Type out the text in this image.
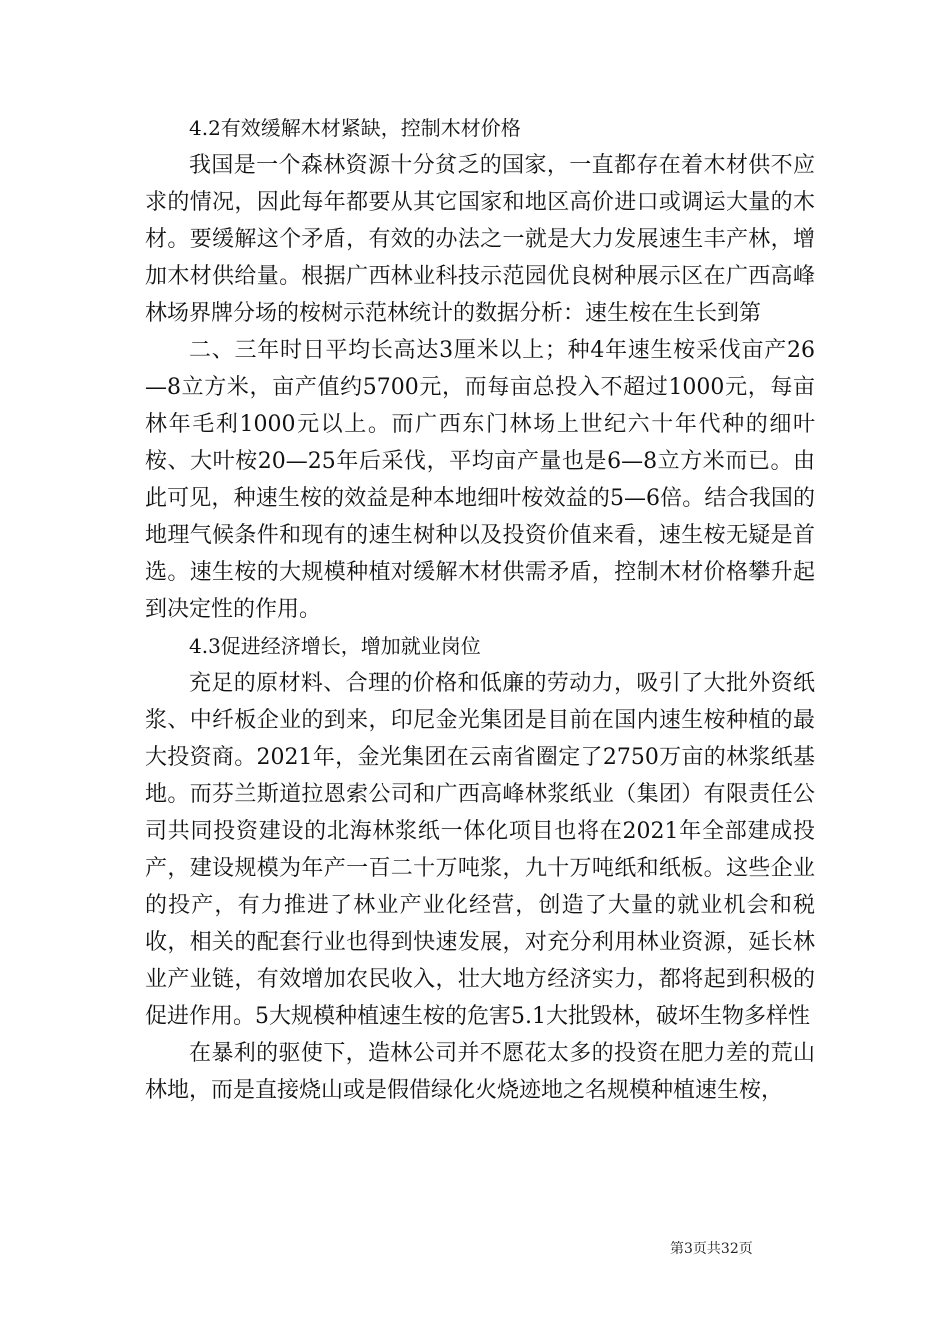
4.2有效缓解木材紧缺，控制木材价格

我国是一个森林资源十分贫乏的国家，一直都存在着木材供不应求的情况，因此每年都要从其它国家和地区高价进口或调运大量的木材。要缓解这个矛盾，有效的办法之一就是大力发展速生丰产林，增加木材供给量。根据广西林业科技示范园优良树种展示区在广西高峰林场界牌分场的桉树示范林统计的数据分析：速生桉在生长到第

二、三年时日平均长高达3厘米以上；种4年速生桉采伐亩产26—8立方米，亩产值约5700元，而每亩总投入不超过1000元，每亩林年毛利1000元以上。而广西东门林场上世纪六十年代种的细叶桉、大叶桉20—25年后采伐，平均亩产量也是6—8立方米而已。由此可见，种速生桉的效益是种本地细叶桉效益的5—6倍。结合我国的地理气候条件和现有的速生树种以及投资价值来看，速生桉无疑是首选。速生桉的大规模种植对缓解木材供需矛盾，控制木材价格攀升起到决定性的作用。

4.3促进经济增长，增加就业岗位

充足的原材料、合理的价格和低廉的劳动力，吸引了大批外资纸浆、中纤板企业的到来，印尼金光集团是目前在国内速生桉种植的最大投资商。2021年，金光集团在云南省圈定了2750万亩的林浆纸基地。而芬兰斯道拉恩索公司和广西高峰林浆纸业（集团）有限责任公司共同投资建设的北海林浆纸一体化项目也将在2021年全部建成投产，建设规模为年产一百二十万吨浆，九十万吨纸和纸板。这些企业的投产，有力推进了林业产业化经营，创造了大量的就业机会和税收，相关的配套行业也得到快速发展，对充分利用林业资源，延长林业产业链，有效增加农民收入，壮大地方经济实力，都将起到积极的促进作用。5大规模种植速生桉的危害5.1大批毁林，破坏生物多样性

在暴利的驱使下，造林公司并不愿花太多的投资在肥力差的荒山林地，而是直接烧山或是假借绿化火烧迹地之名规模种植速生桉，

第3页共32页
